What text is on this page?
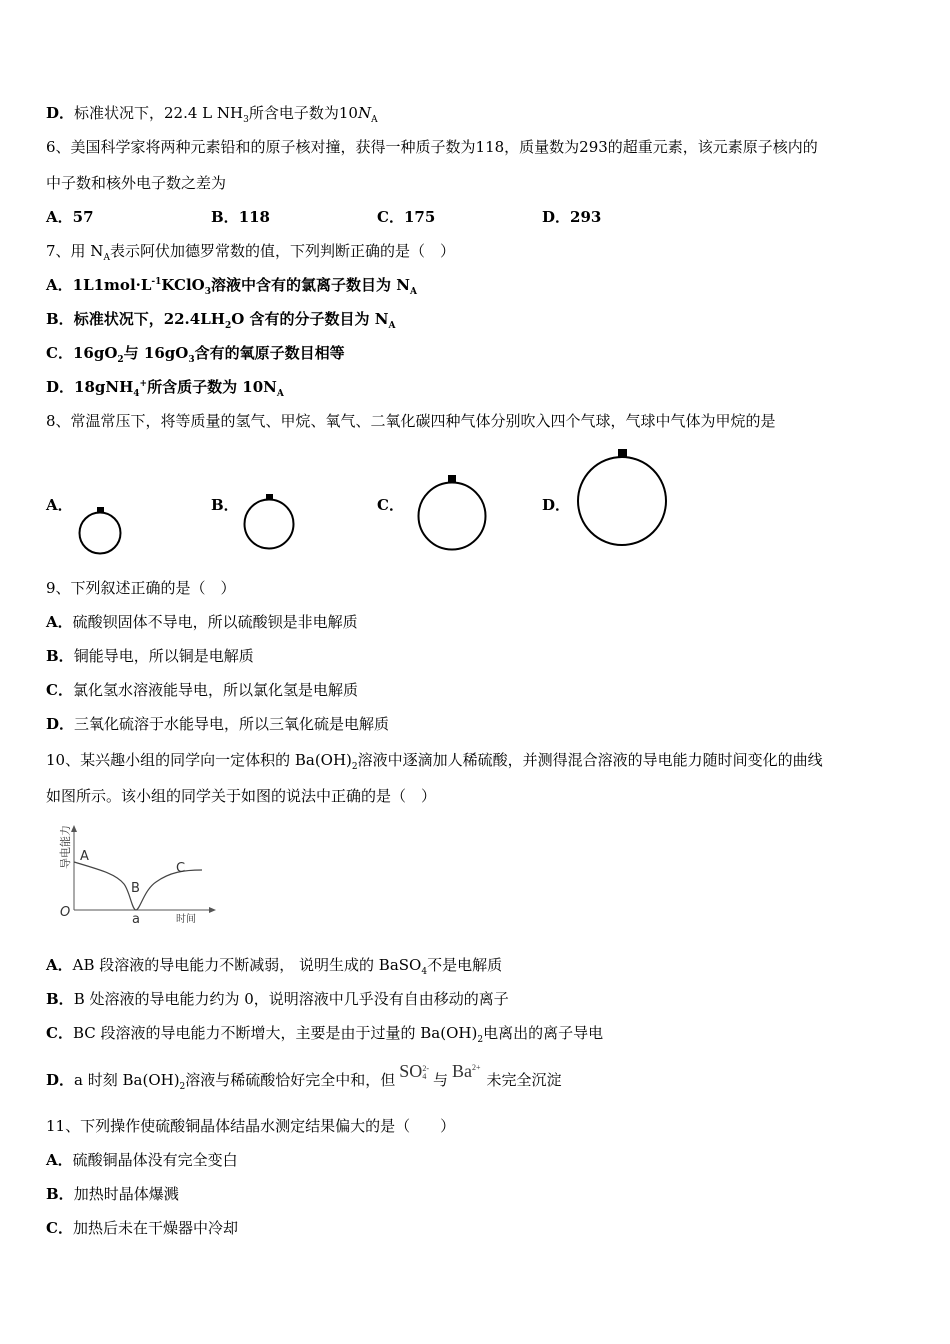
D．标准状况下，22.4 L $NH_3$所含电子数为$10N_A$
6、美国科学家将两种元素铅和的原子核对撞，获得一种质子数为118，质量数为293的超重元素，该元素原子核内的
中子数和核外电子数之差为
A．57	B．118	C．175	D．293
7、用 $N_A$表示阿伏加德罗常数的值，下列判断正确的是（　）
A．$1L1mol\cdot L^{-1}KClO_3$溶液中含有的氯离子数目为 $N_A$
B．标准状况下，$22.4LH_2O$ 含有的分子数目为 $N_A$
C．$16gO_2$与 $16gO_3$含有的氧原子数目相等
D．18gNH$_4$+所含质子数为 $10N_A$
8、常温常压下，将等质量的氢气、甲烷、氧气、二氧化碳四种气体分别吹入四个气球，气球中气体为甲烷的是
A．	B．	C．	D．
9、下列叙述正确的是（　）
A．硫酸钡固体不导电，所以硫酸钡是非电解质
B．铜能导电，所以铜是电解质
C．氯化氢水溶液能导电，所以氯化氢是电解质
D．三氧化硫溶于水能导电，所以三氧化硫是电解质
10、某兴趣小组的同学向一定体积的 $Ba(OH)_2$溶液中逐滴加人稀硫酸，并测得混合溶液的导电能力随时间变化的曲线
如图所示。该小组的同学关于如图的说法中正确的是（　）
导电能力
时间
O
A
B
C
a
A．AB 段溶液的导电能力不断减弱， 说明生成的 BaSO$_4$不是电解质
B．B 处溶液的导电能力约为 0，说明溶液中几乎没有自由移动的离子
C．BC 段溶液的导电能力不断增大，主要是由于过量的 $Ba(OH)_2$电离出的离子导电
D．a 时刻 $Ba(OH)_2$溶液与稀硫酸恰好完全中和，但 SO 2-
4 与 $Ba^{2+}$未完全沉淀
11、下列操作使硫酸铜晶体结晶水测定结果偏大的是（　　）
A．硫酸铜晶体没有完全变白
B．加热时晶体爆溅
C．加热后未在干燥器中冷却
